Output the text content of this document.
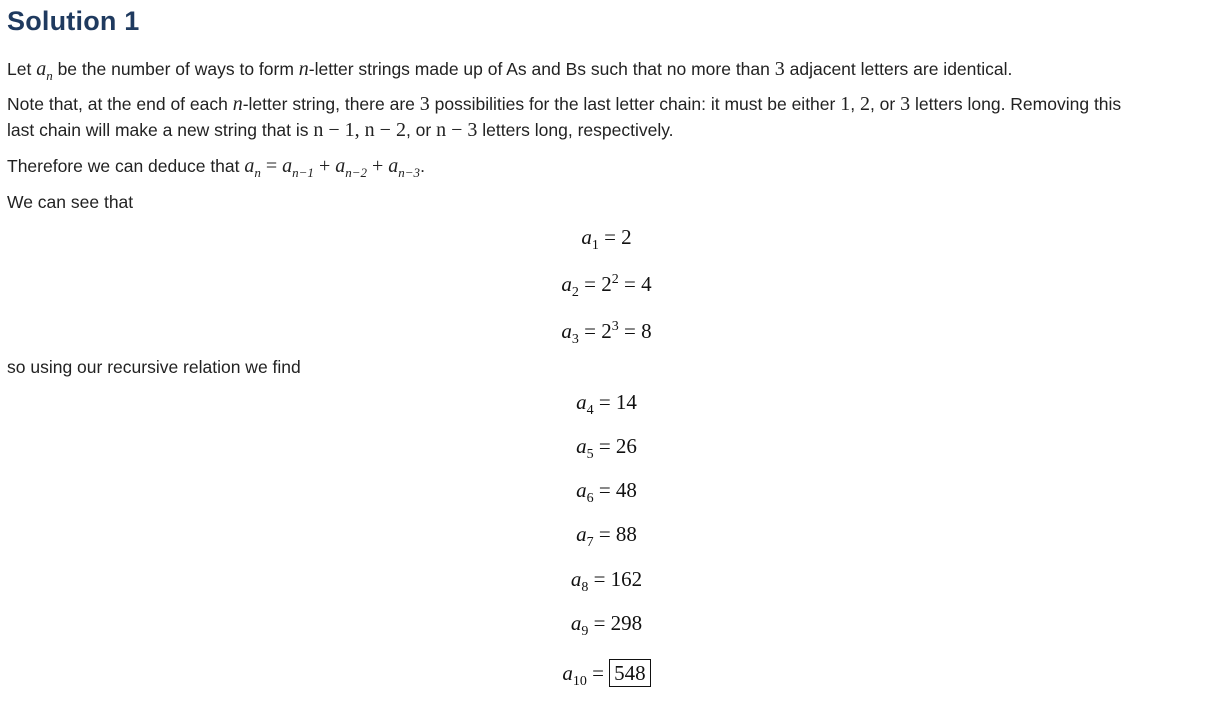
Solution 1

Let $a_n$ be the number of ways to form n-letter strings made up of As and Bs such that no more than 3 adjacent letters are identical.

Note that, at the end of each n-letter string, there are 3 possibilities for the last letter chain: it must be either 1, 2, or 3 letters long. Removing this
last chain will make a new string that is n − 1, n − 2, or n − 3 letters long, respectively.

Therefore we can deduce that $a_n = a_{n-1} + a_{n-2} + a_{n-3}$.

We can see that

$a_1 = 2$
$a_2 = 2^2 = 4$
$a_3 = 2^3 = 8$

so using our recursive relation we find

$a_4 = 14$
$a_5 = 26$
$a_6 = 48$
$a_7 = 88$
$a_8 = 162$
$a_9 = 298$
$a_{10} = 548$
